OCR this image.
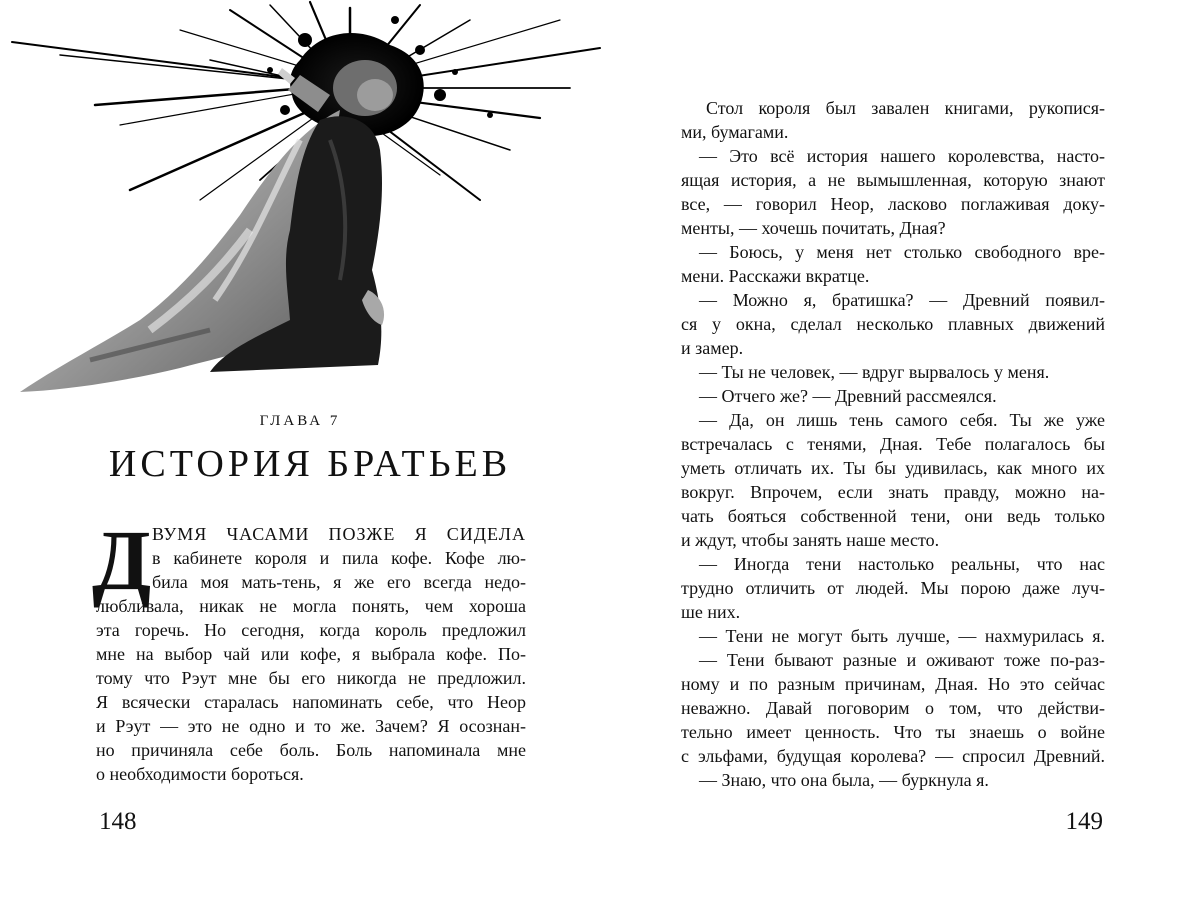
ГЛАВА 7
ИСТОРИЯ БРАТЬЕВ
Д ВУМЯ ЧАСАМИ ПОЗЖЕ Я СИДЕЛА
в кабинете короля и пила кофе. Кофе лю-
била моя мать-тень, я же его всегда недо-
любливала, никак не могла понять, чем хороша
эта горечь. Но сегодня, когда король предложил
мне на выбор чай или кофе, я выбрала кофе. По-
тому что Рэут мне бы его никогда не предложил.
Я всячески старалась напоминать себе, что Неор
и Рэут — это не одно и то же. Зачем? Я осознан-
но причиняла себе боль. Боль напоминала мне
о необходимости бороться.
148
Стол короля был завален книгами, рукопися-
ми, бумагами.
— Это всё история нашего королевства, насто-
ящая история, а не вымышленная, которую знают
все, — говорил Неор, ласково поглаживая доку-
менты, — хочешь почитать, Дная?
— Боюсь, у меня нет столько свободного вре-
мени. Расскажи вкратце.
— Можно я, братишка? — Древний появил-
ся у окна, сделал несколько плавных движений
и замер.
— Ты не человек, — вдруг вырвалось у меня.
— Отчего же? — Древний рассмеялся.
— Да, он лишь тень самого себя. Ты же уже
встречалась с тенями, Дная. Тебе полагалось бы
уметь отличать их. Ты бы удивилась, как много их
вокруг. Впрочем, если знать правду, можно на-
чать бояться собственной тени, они ведь только
и ждут, чтобы занять наше место.
— Иногда тени настолько реальны, что нас
трудно отличить от людей. Мы порою даже луч-
ше них.
— Тени не могут быть лучше, — нахмурилась я.
— Тени бывают разные и оживают тоже по-раз-
ному и по разным причинам, Дная. Но это сейчас
неважно. Давай поговорим о том, что действи-
тельно имеет ценность. Что ты знаешь о войне
с эльфами, будущая королева? — спросил Древний.
— Знаю, что она была, — буркнула я.
149
